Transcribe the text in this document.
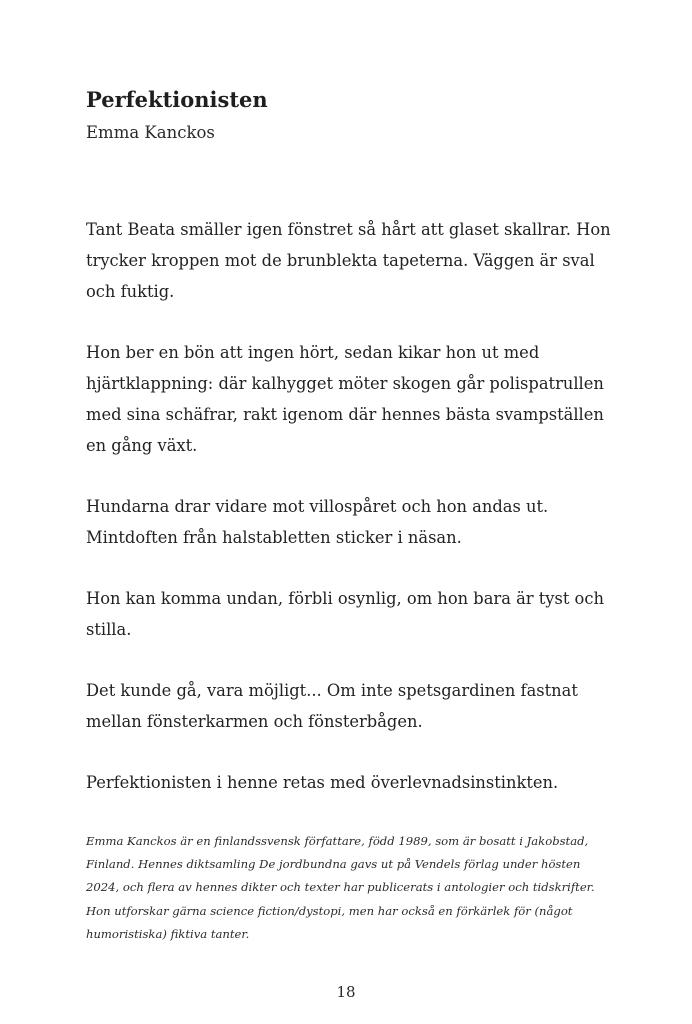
Perfektionisten

Emma Kanckos

Tant Beata smäller igen fönstret så hårt att glaset skallrar. Hon
trycker kroppen mot de brunblekta tapeterna. Väggen är sval
och fuktig.

Hon ber en bön att ingen hört, sedan kikar hon ut med
hjärtklappning: där kalhygget möter skogen går polispatrullen
med sina schäfrar, rakt igenom där hennes bästa svampställen
en gång växt.

Hundarna drar vidare mot villospåret och hon andas ut.
Mintdoften från halstabletten sticker i näsan.

Hon kan komma undan, förbli osynlig, om hon bara är tyst och
stilla.

Det kunde gå, vara möjligt... Om inte spetsgardinen fastnat
mellan fönsterkarmen och fönsterbågen.

Perfektionisten i henne retas med överlevnadsinstinkten.

Emma Kanckos är en finlandssvensk författare, född 1989, som är bosatt i Jakobstad,
Finland. Hennes diktsamling De jordbundna gavs ut på Vendels förlag under hösten
2024, och flera av hennes dikter och texter har publicerats i antologier och tidskrifter.
Hon utforskar gärna science fiction/dystopi, men har också en förkärlek för (något
humoristiska) fiktiva tanter.

18
